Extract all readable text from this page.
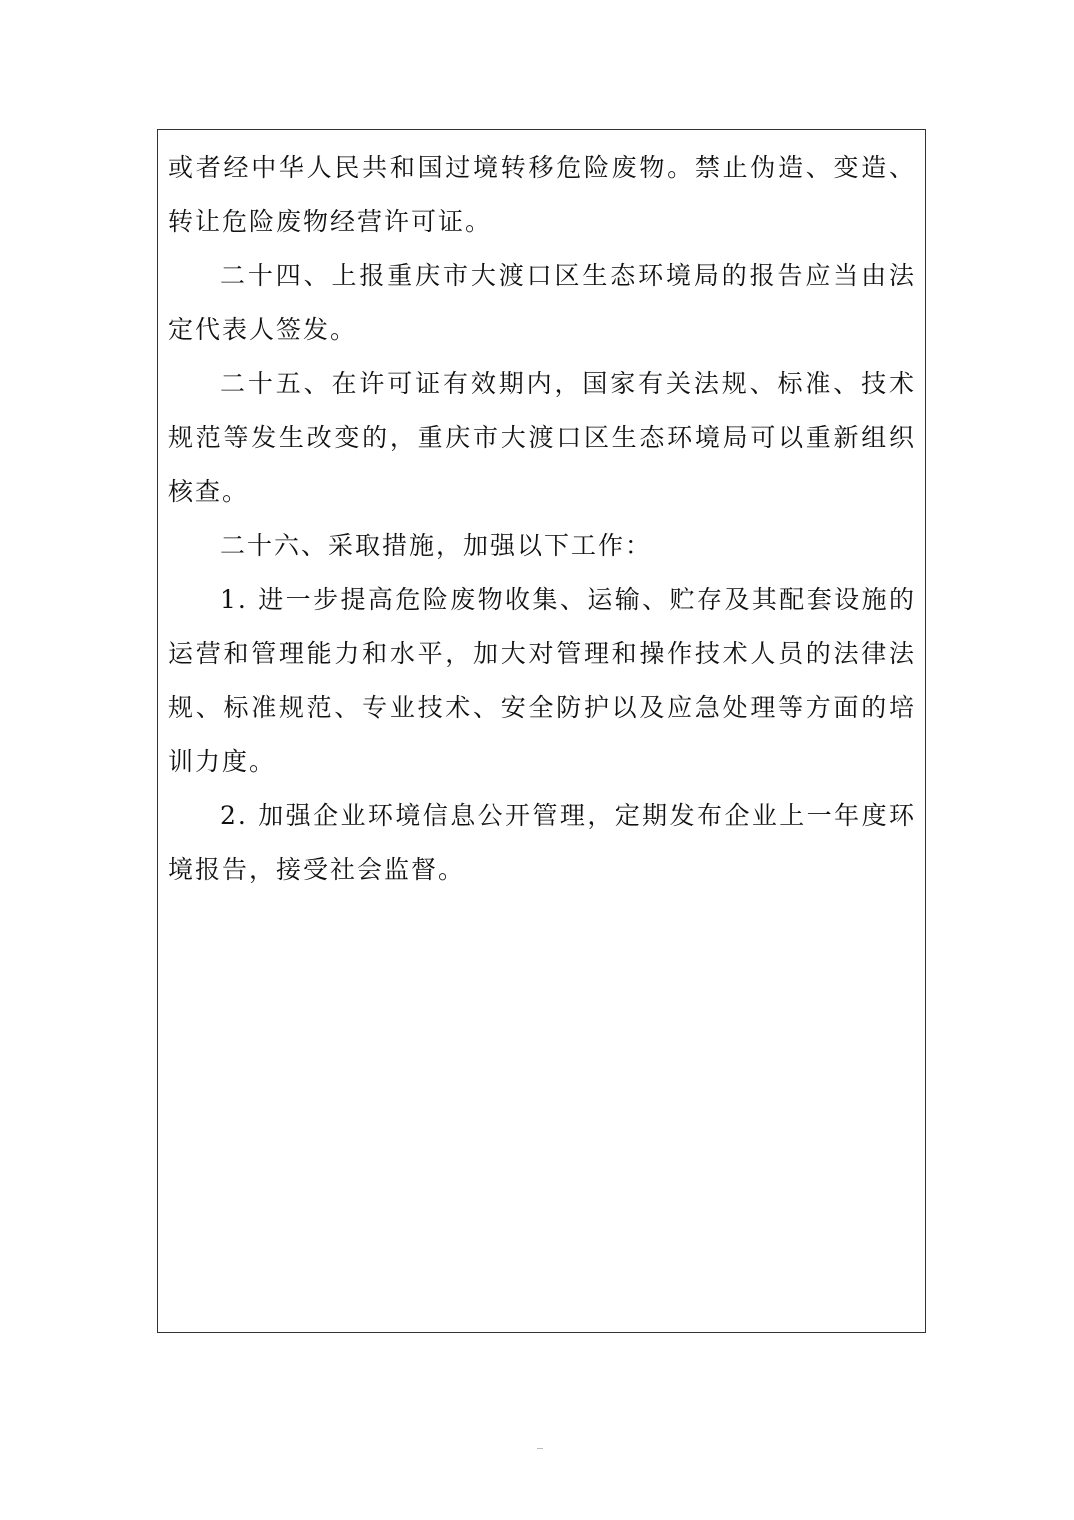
或者经中华人民共和国过境转移危险废物。禁止伪造、变造、转让危险废物经营许可证。

二十四、上报重庆市大渡口区生态环境局的报告应当由法定代表人签发。

二十五、在许可证有效期内，国家有关法规、标准、技术规范等发生改变的，重庆市大渡口区生态环境局可以重新组织核查。

二十六、采取措施，加强以下工作：

1. 进一步提高危险废物收集、运输、贮存及其配套设施的运营和管理能力和水平，加大对管理和操作技术人员的法律法规、标准规范、专业技术、安全防护以及应急处理等方面的培训力度。

2. 加强企业环境信息公开管理，定期发布企业上一年度环境报告，接受社会监督。
